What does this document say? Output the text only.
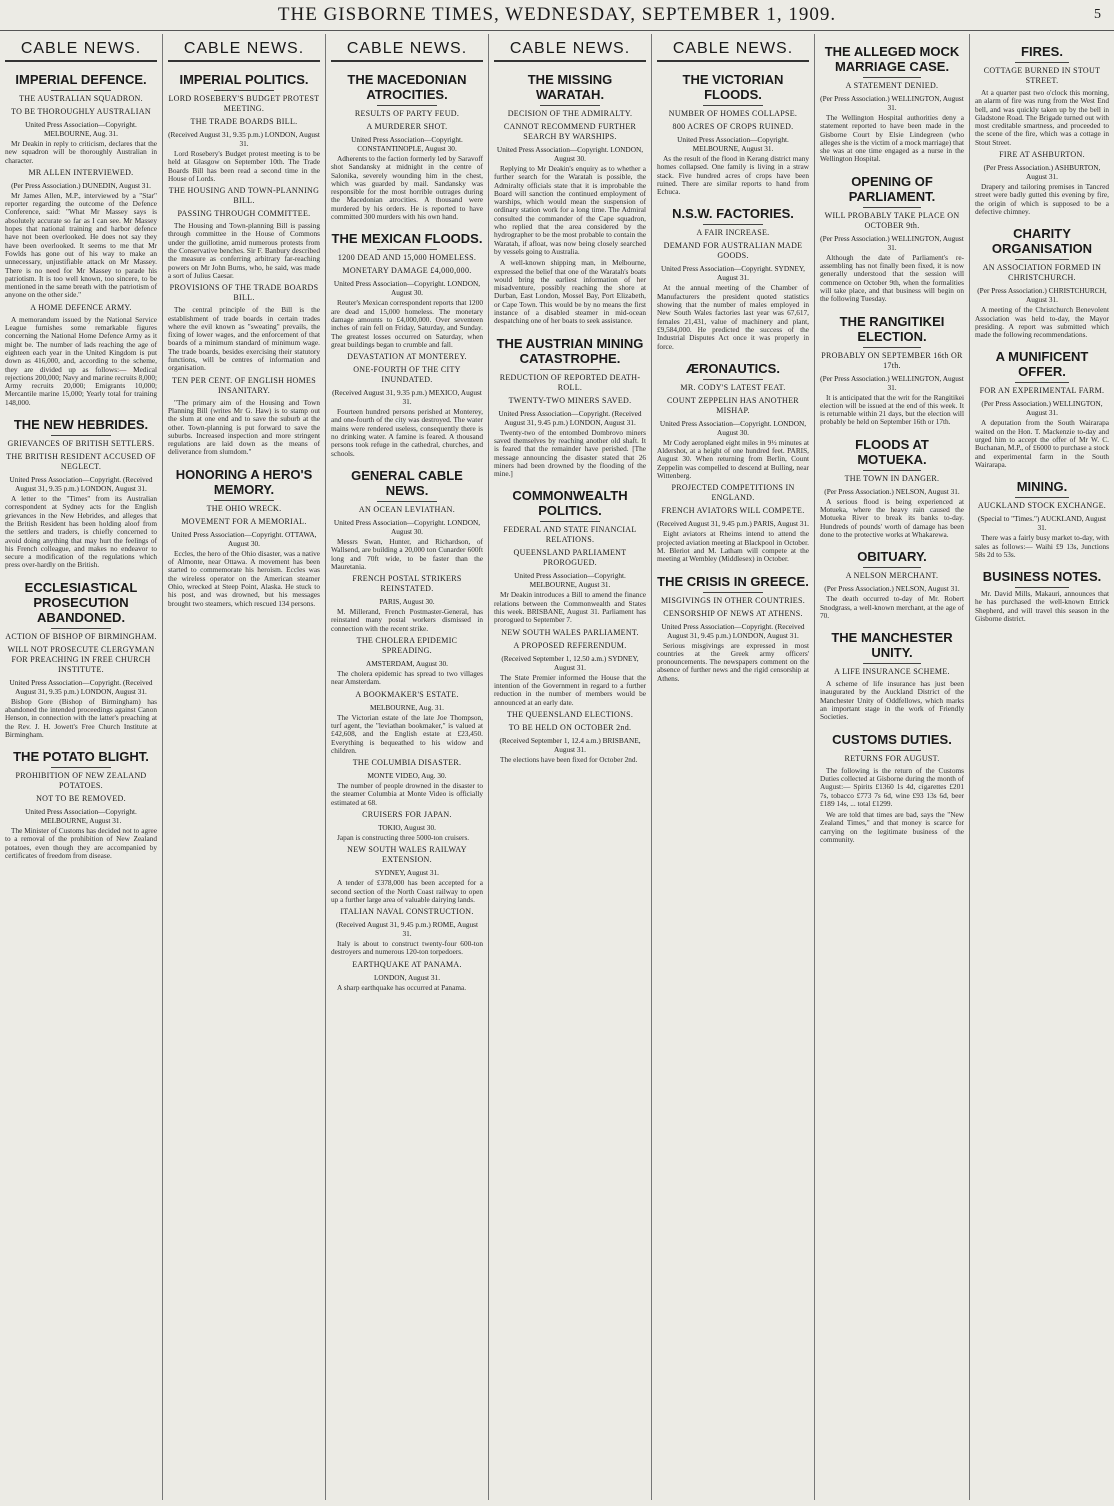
THE GISBORNE TIMES, WEDNESDAY, SEPTEMBER 1, 1909.	5
CABLE NEWS.
IMPERIAL DEFENCE.
THE AUSTRALIAN SQUADRON.
TO BE THOROUGHLY AUSTRALIAN
United Press Association—Copyright. MELBOURNE, Aug. 31.
Mr Deakin in reply to criticism, declares that the new squadron will be thoroughly Australian in character.
MR ALLEN INTERVIEWED.
(Per Press Association.) DUNEDIN, August 31.
Mr James Allen, M.P., interviewed by a "Star" reporter regarding the outcome of the Defence Conference, said: "What Mr Massey says is absolutely accurate so far as I can see. Mr Massey hopes that national training and harbor defence have not been overlooked. He does not say they have been overlooked. It seems to me that Mr Fowlds has gone out of his way to make an unnecessary, unjustifiable attack on Mr Massey. There is no need for Mr Massey to parade his patriotism. It is too well known, too sincere, to be mentioned in the same breath with the patriotism of anyone on the other side."
A HOME DEFENCE ARMY.
A memorandum issued by the National Service League furnishes some remarkable figures concerning the National Home Defence Army as it might be. The number of lads reaching the age of eighteen each year in the United Kingdom is put down as 416,000, and, according to the scheme, they are divided up as follows:— Medical rejections 200,000; Navy and marine recruits 8,000; Army recruits 20,000; Emigrants 10,000; Mercantile marine 15,000; Yearly total for training 148,000.
THE NEW HEBRIDES.
GRIEVANCES OF BRITISH SETTLERS.
THE BRITISH RESIDENT ACCUSED OF NEGLECT.
United Press Association—Copyright. (Received August 31, 9.35 p.m.) LONDON, August 31.
A letter to the "Times" from its Australian correspondent at Sydney acts for the English grievances in the New Hebrides, and alleges that the British Resident has been holding aloof from the settlers and traders, is chiefly concerned to avoid doing anything that may hurt the feelings of his French colleague, and makes no endeavor to secure a modification of the regulations which press over-hardly on the British.
ECCLESIASTICAL PROSECUTION ABANDONED.
ACTION OF BISHOP OF BIRMINGHAM.
WILL NOT PROSECUTE CLERGYMAN FOR PREACHING IN FREE CHURCH INSTITUTE.
United Press Association—Copyright. (Received August 31, 9.35 p.m.) LONDON, August 31.
Bishop Gore (Bishop of Birmingham) has abandoned the intended proceedings against Canon Henson, in connection with the latter's preaching at the Rev. J. H. Jowett's Free Church Institute at Birmingham.
THE POTATO BLIGHT.
PROHIBITION OF NEW ZEALAND POTATOES.
NOT TO BE REMOVED.
United Press Association—Copyright. MELBOURNE, August 31.
The Minister of Customs has decided not to agree to a removal of the prohibition of New Zealand potatoes, even though they are accompanied by certificates of freedom from disease.
CABLE NEWS.
IMPERIAL POLITICS.
LORD ROSEBERY'S BUDGET PROTEST MEETING.
THE TRADE BOARDS BILL.
(Received August 31, 9.35 p.m.) LONDON, August 31.
Lord Rosebery's Budget protest meeting is to be held at Glasgow on September 10th. The Trade Boards Bill has been read a second time in the House of Lords.
THE HOUSING AND TOWN-PLANNING BILL.
PASSING THROUGH COMMITTEE.
The Housing and Town-planning Bill is passing through committee in the House of Commons under the guillotine, amid numerous protests from the Conservative benches. Sir F. Banbury described the measure as conferring arbitrary far-reaching powers on Mr John Burns, who, he said, was made a sort of Julius Caesar.
PROVISIONS OF THE TRADE BOARDS BILL.
The central principle of the Bill is the establishment of trade boards in certain trades where the evil known as "sweating" prevails, the fixing of lower wages, and the enforcement of that boards of a minimum standard of minimum wage. The trade boards, besides exercising their statutory functions, will be centres of information and organisation.
TEN PER CENT. OF ENGLISH HOMES INSANITARY.
"The primary aim of the Housing and Town Planning Bill (writes Mr G. Haw) is to stamp out the slum at one end and to save the suburb at the other. Town-planning is put forward to save the suburbs. Increased inspection and more stringent regulations are laid down as the means of deliverance from slumdom."
HONORING A HERO'S MEMORY.
THE OHIO WRECK.
MOVEMENT FOR A MEMORIAL.
United Press Association—Copyright. OTTAWA, August 30.
Eccles, the hero of the Ohio disaster, was a native of Almonte, near Ottawa. A movement has been started to commemorate his heroism. Eccles was the wireless operator on the American steamer Ohio, wrecked at Steep Point, Alaska. He stuck to his post, and was drowned, but his messages brought two steamers, which rescued 134 persons.
CABLE NEWS.
THE MACEDONIAN ATROCITIES.
RESULTS OF PARTY FEUD.
A MURDERER SHOT.
United Press Association—Copyright. CONSTANTINOPLE, August 30.
Adherents to the faction formerly led by Saravoff shot Sandansky at midnight in the centre of Salonika, severely wounding him in the chest, which was guarded by mail. Sandansky was responsible for the most horrible outrages during the Macedonian atrocities. A thousand were murdered by his orders. He is reported to have committed 300 murders with his own hand.
THE MEXICAN FLOODS.
1200 DEAD AND 15,000 HOMELESS.
MONETARY DAMAGE £4,000,000.
United Press Association—Copyright. LONDON, August 30.
Reuter's Mexican correspondent reports that 1200 are dead and 15,000 homeless. The monetary damage amounts to £4,000,000. Over seventeen inches of rain fell on Friday, Saturday, and Sunday. The greatest losses occurred on Saturday, when great buildings began to crumble and fall.
DEVASTATION AT MONTEREY.
ONE-FOURTH OF THE CITY INUNDATED.
(Received August 31, 9.35 p.m.) MEXICO, August 31.
Fourteen hundred persons perished at Monterey, and one-fourth of the city was destroyed. The water mains were rendered useless, consequently there is no drinking water. A famine is feared. A thousand persons took refuge in the cathedral, churches, and schools.
GENERAL CABLE NEWS.
AN OCEAN LEVIATHAN.
United Press Association—Copyright. LONDON, August 30.
Messrs Swan, Hunter, and Richardson, of Wallsend, are building a 20,000 ton Cunarder 600ft long and 70ft wide, to be faster than the Mauretania.
FRENCH POSTAL STRIKERS REINSTATED.
PARIS, August 30.
M. Millerand, French Postmaster-General, has reinstated many postal workers dismissed in connection with the recent strike.
THE CHOLERA EPIDEMIC SPREADING.
AMSTERDAM, August 30.
The cholera epidemic has spread to two villages near Amsterdam.
A BOOKMAKER'S ESTATE.
MELBOURNE, Aug. 31.
The Victorian estate of the late Joe Thompson, turf agent, the "leviathan bookmaker," is valued at £42,608, and the English estate at £23,450. Everything is bequeathed to his widow and children.
THE COLUMBIA DISASTER.
MONTE VIDEO, Aug. 30.
The number of people drowned in the disaster to the steamer Columbia at Monte Video is officially estimated at 68.
CRUISERS FOR JAPAN.
TOKIO, August 30.
Japan is constructing three 5000-ton cruisers.
NEW SOUTH WALES RAILWAY EXTENSION.
SYDNEY, August 31.
A tender of £378,000 has been accepted for a second section of the North Coast railway to open up a further large area of valuable dairying lands.
ITALIAN NAVAL CONSTRUCTION.
(Received August 31, 9.45 p.m.) ROME, August 31.
Italy is about to construct twenty-four 600-ton destroyers and numerous 120-ton torpedoers.
EARTHQUAKE AT PANAMA.
LONDON, August 31.
A sharp earthquake has occurred at Panama.
CABLE NEWS.
THE MISSING WARATAH.
DECISION OF THE ADMIRALTY.
CANNOT RECOMMEND FURTHER SEARCH BY WARSHIPS.
United Press Association—Copyright. LONDON, August 30.
Replying to Mr Deakin's enquiry as to whether a further search for the Waratah is possible, the Admiralty officials state that it is improbable the Board will sanction the continued employment of warships, which would mean the suspension of ordinary station work for a long time. The Admiral consulted the commander of the Cape squadron, who replied that the area considered by the hydrographer to be the most probable to contain the Waratah, if afloat, was now being closely searched by vessels going to Australia.
A well-known shipping man, in Melbourne, expressed the belief that one of the Waratah's boats would bring the earliest information of her misadventure, possibly reaching the shore at Durban, East London, Mossel Bay, Port Elizabeth, or Cape Town. This would be by no means the first instance of a disabled steamer in mid-ocean despatching one of her boats to seek assistance.
THE AUSTRIAN MINING CATASTROPHE.
REDUCTION OF REPORTED DEATH-ROLL.
TWENTY-TWO MINERS SAVED.
United Press Association—Copyright. (Received August 31, 9.45 p.m.) LONDON, August 31.
Twenty-two of the entombed Dombrovo miners saved themselves by reaching another old shaft. It is feared that the remainder have perished. [The message announcing the disaster stated that 26 miners had been drowned by the flooding of the mine.]
COMMONWEALTH POLITICS.
FEDERAL AND STATE FINANCIAL RELATIONS.
QUEENSLAND PARLIAMENT PROROGUED.
United Press Association—Copyright. MELBOURNE, August 31.
Mr Deakin introduces a Bill to amend the finance relations between the Commonwealth and States this week. BRISBANE, August 31. Parliament has prorogued to September 7.
NEW SOUTH WALES PARLIAMENT.
A PROPOSED REFERENDUM.
(Received September 1, 12.50 a.m.) SYDNEY, August 31.
The State Premier informed the House that the intention of the Government in regard to a further reduction in the number of members would be announced at an early date.
THE QUEENSLAND ELECTIONS.
TO BE HELD ON OCTOBER 2nd.
(Received September 1, 12.4 a.m.) BRISBANE, August 31.
The elections have been fixed for October 2nd.
CABLE NEWS.
THE VICTORIAN FLOODS.
NUMBER OF HOMES COLLAPSE.
800 ACRES OF CROPS RUINED.
United Press Association—Copyright. MELBOURNE, August 31.
As the result of the flood in Kerang district many homes collapsed. One family is living in a straw stack. Five hundred acres of crops have been ruined. There are similar reports to hand from Echuca.
N.S.W. FACTORIES.
A FAIR INCREASE.
DEMAND FOR AUSTRALIAN MADE GOODS.
United Press Association—Copyright. SYDNEY, August 31.
At the annual meeting of the Chamber of Manufacturers the president quoted statistics showing that the number of males employed in New South Wales factories last year was 67,617, females 21,431, value of machinery and plant, £9,584,000. He predicted the success of the Industrial Disputes Act once it was properly in force.
ÆRONAUTICS.
MR. CODY'S LATEST FEAT.
COUNT ZEPPELIN HAS ANOTHER MISHAP.
United Press Association—Copyright. LONDON, August 30.
Mr Cody aeroplaned eight miles in 9½ minutes at Aldershot, at a height of one hundred feet. PARIS, August 30. When returning from Berlin, Count Zeppelin was compelled to descend at Bulling, near Wittenberg.
PROJECTED COMPETITIONS IN ENGLAND.
FRENCH AVIATORS WILL COMPETE.
(Received August 31, 9.45 p.m.) PARIS, August 31.
Eight aviators at Rheims intend to attend the projected aviation meeting at Blackpool in October. M. Bleriot and M. Latham will compete at the meeting at Wembley (Middlesex) in October.
THE CRISIS IN GREECE.
MISGIVINGS IN OTHER COUNTRIES.
CENSORSHIP OF NEWS AT ATHENS.
United Press Association—Copyright. (Received August 31, 9.45 p.m.) LONDON, August 31.
Serious misgivings are expressed in most countries at the Greek army officers' pronouncements. The newspapers comment on the absence of further news and the rigid censorship at Athens.
THE ALLEGED MOCK MARRIAGE CASE.
A STATEMENT DENIED.
(Per Press Association.) WELLINGTON, August 31.
The Wellington Hospital authorities deny a statement reported to have been made in the Gisborne Court by Elsie Lindegreen (who alleges she is the victim of a mock marriage) that she was at one time engaged as a nurse in the Wellington Hospital.
OPENING OF PARLIAMENT.
WILL PROBABLY TAKE PLACE ON OCTOBER 9th.
(Per Press Association.) WELLINGTON, August 31.
Although the date of Parliament's re-assembling has not finally been fixed, it is now generally understood that the session will commence on October 9th, when the formalities will take place, and that business will begin on the following Tuesday.
THE RANGITIKEI ELECTION.
PROBABLY ON SEPTEMBER 16th OR 17th.
(Per Press Association.) WELLINGTON, August 31.
It is anticipated that the writ for the Rangitikei election will be issued at the end of this week. It is returnable within 21 days, but the election will probably be held on September 16th or 17th.
FLOODS AT MOTUEKA.
THE TOWN IN DANGER.
(Per Press Association.) NELSON, August 31.
A serious flood is being experienced at Motueka, where the heavy rain caused the Motueka River to break its banks to-day. Hundreds of pounds' worth of damage has been done to the protective works at Whakarewa.
OBITUARY.
A NELSON MERCHANT.
(Per Press Association.) NELSON, August 31.
The death occurred to-day of Mr. Robert Snodgrass, a well-known merchant, at the age of 70.
THE MANCHESTER UNITY.
A LIFE INSURANCE SCHEME.
A scheme of life insurance has just been inaugurated by the Auckland District of the Manchester Unity of Oddfellows, which marks an important stage in the work of Friendly Societies.
CUSTOMS DUTIES.
RETURNS FOR AUGUST.
The following is the return of the Customs Duties collected at Gisborne during the month of August:— Spirits £1360 1s 4d, cigarettes £201 7s, tobacco £773 7s 6d, wine £93 13s 6d, beer £189 14s, ... total £1299.
We are told that times are bad, says the "New Zealand Times," and that money is scarce for carrying on the legitimate business of the community.
FIRES.
COTTAGE BURNED IN STOUT STREET.
At a quarter past two o'clock this morning, an alarm of fire was rung from the West End bell, and was quickly taken up by the bell in Gladstone Road. The Brigade turned out with most creditable smartness, and proceeded to the scene of the fire, which was a cottage in Stout Street.
FIRE AT ASHBURTON.
(Per Press Association.) ASHBURTON, August 31.
Drapery and tailoring premises in Tancred street were badly gutted this evening by fire, the origin of which is supposed to be a defective chimney.
CHARITY ORGANISATION
AN ASSOCIATION FORMED IN CHRISTCHURCH.
(Per Press Association.) CHRISTCHURCH, August 31.
A meeting of the Christchurch Benevolent Association was held to-day, the Mayor presiding. A report was submitted which made the following recommendations.
A MUNIFICENT OFFER.
FOR AN EXPERIMENTAL FARM.
(Per Press Association.) WELLINGTON, August 31.
A deputation from the South Wairarapa waited on the Hon. T. Mackenzie to-day and urged him to accept the offer of Mr W. C. Buchanan, M.P., of £6000 to purchase a stock and experimental farm in the South Wairarapa.
MINING.
AUCKLAND STOCK EXCHANGE.
(Special to "Times.") AUCKLAND, August 31.
There was a fairly busy market to-day, with sales as follows:— Waihi £9 13s, Junctions 58s 2d to 53s.
BUSINESS NOTES.
Mr. David Mills, Makauri, announces that he has purchased the well-known Ettrick Shepherd, and will travel this season in the Gisborne district.
